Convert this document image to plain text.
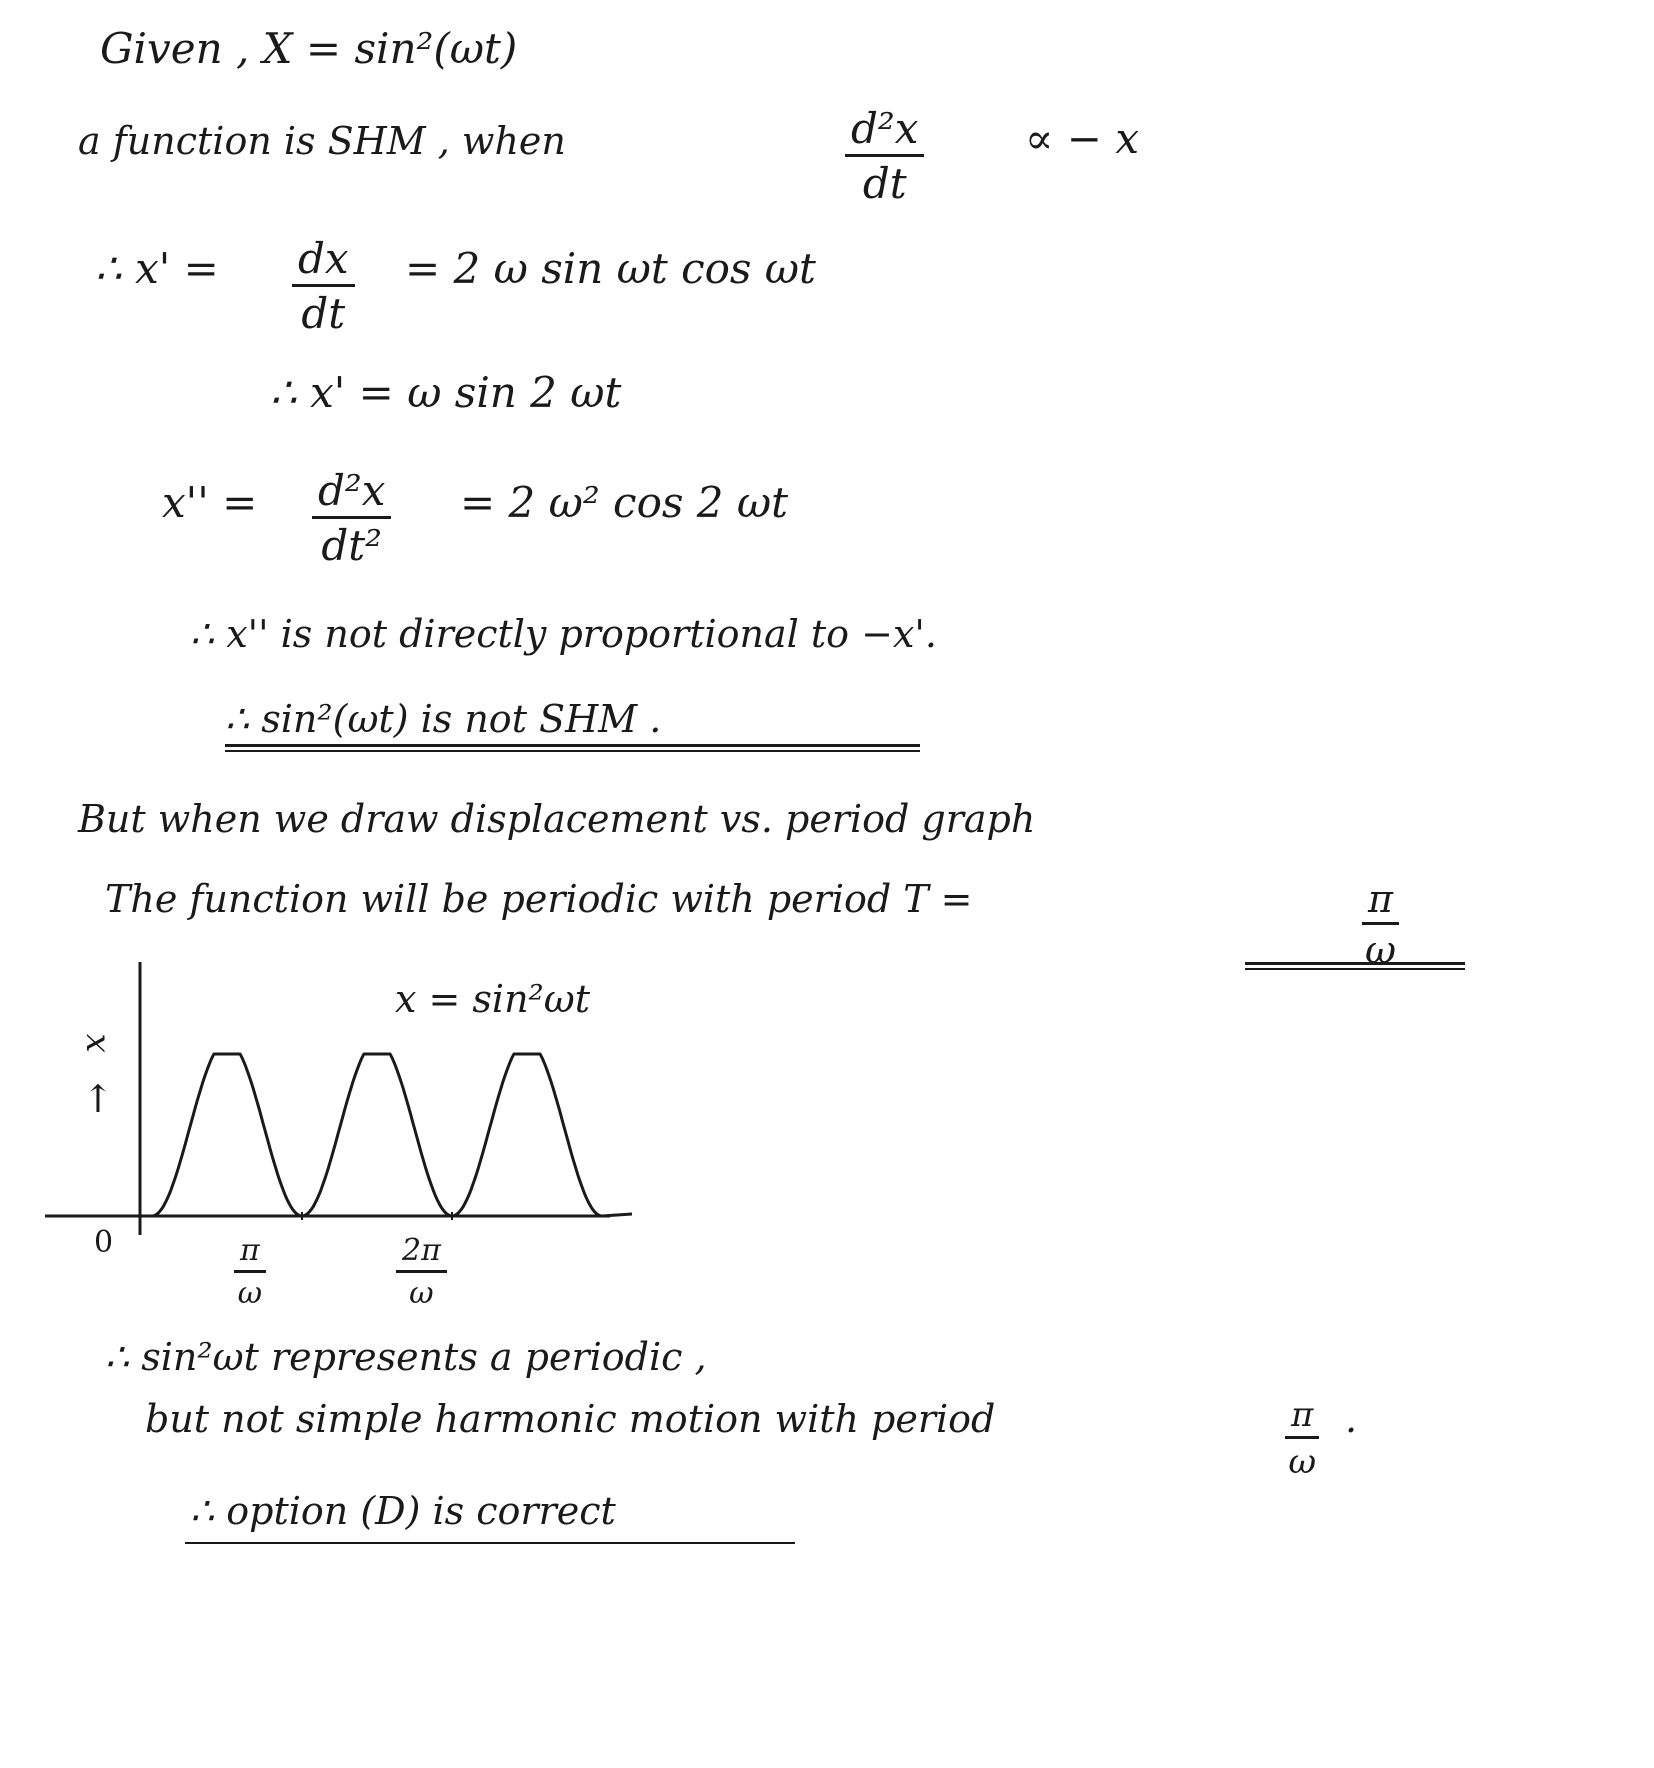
Given , X = sin²(ωt)
a function is SHM , when	$\frac{\text{d²x}}{dt}$ ∝ − x
∴ $x' = \frac{dx}{dt} = 2$ ω sin ωt cos ωt
∴ x' = ω sin 2 ωt
$x'' = \frac{\text{d²x}}{\text{dt²}} = 2$ ω² cos 2 ωt
∴ x'' is not directly proportional to −x'.
∴ sin²(ωt) is not SHM .
But when we draw displacement vs. period graph
The function will be periodic with period T =	$\frac{\pi}{\omega}$
x = sin²ωt
x
↑
0	$\frac{\pi}{\omega}$	$\frac{2\pi}{\omega}$
∴ sin²ωt represents a periodic ,
but not simple harmonic motion with period	$\frac{\pi}{\omega}$ .
∴ option (D) is correct
